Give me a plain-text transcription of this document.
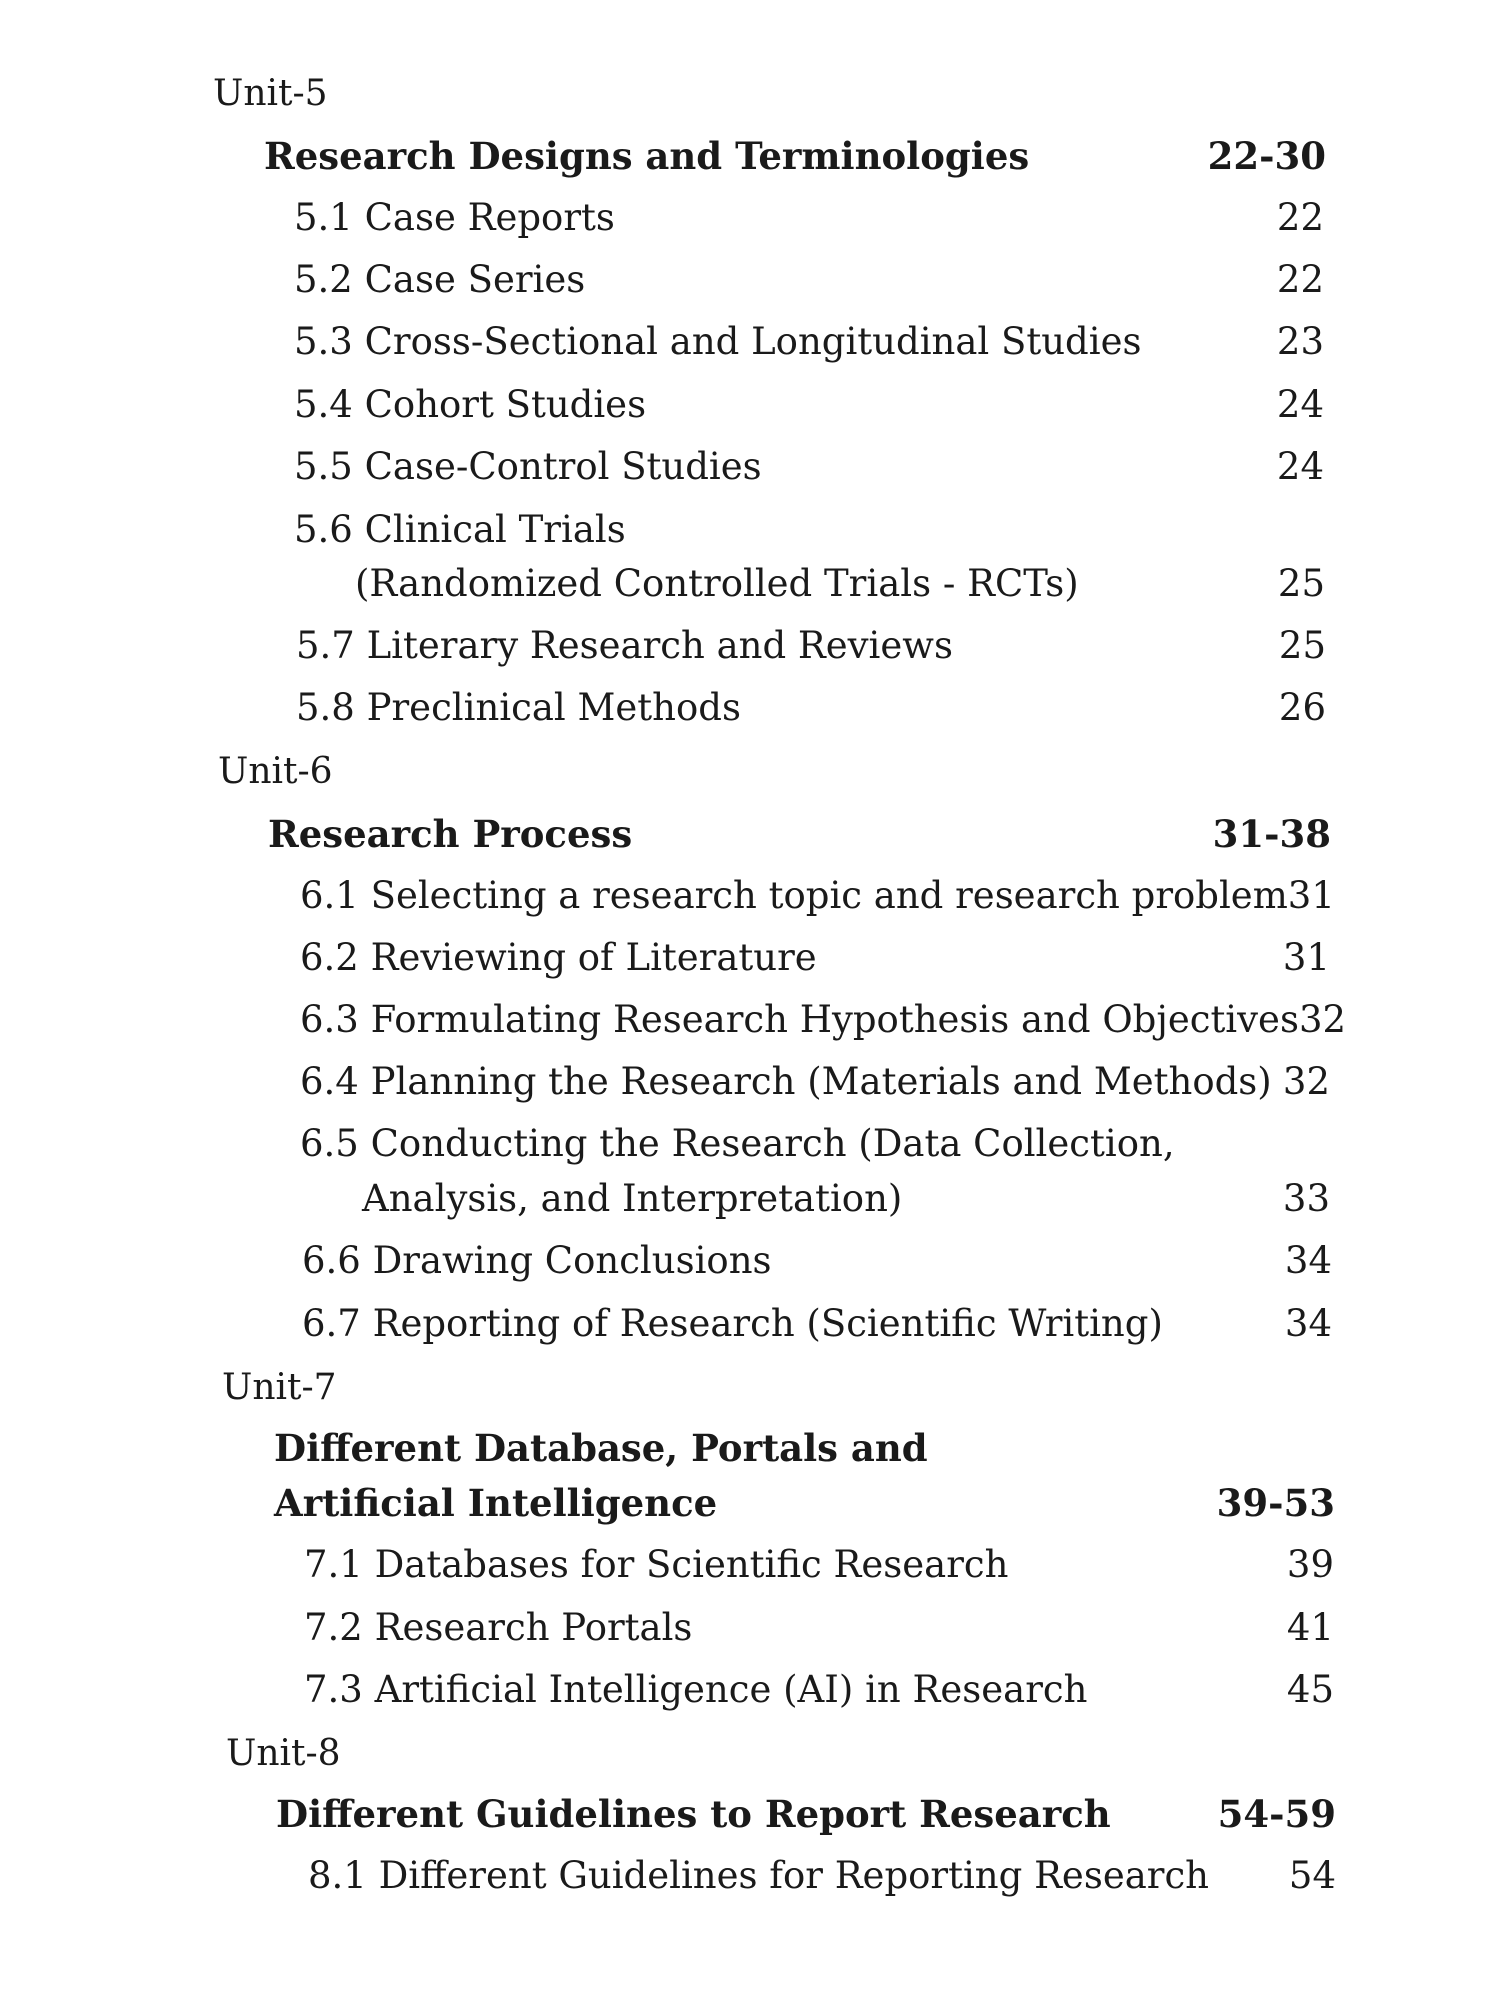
Unit-5
Research Designs and Terminologies	22-30
5.1 Case Reports	22
5.2 Case Series	22
5.3 Cross-Sectional and Longitudinal Studies	23
5.4 Cohort Studies	24
5.5 Case-Control Studies	24
5.6 Clinical Trials
(Randomized Controlled Trials - RCTs)	25
5.7 Literary Research and Reviews	25
5.8 Preclinical Methods	26
Unit-6
Research Process	31-38
6.1 Selecting a research topic and research problem 31
6.2 Reviewing of Literature	31
6.3 Formulating Research Hypothesis and Objectives 32
6.4 Planning the Research (Materials and Methods) 32
6.5 Conducting the Research (Data Collection,
Analysis, and Interpretation)	33
6.6 Drawing Conclusions	34
6.7 Reporting of Research (Scientific Writing)	34
Unit-7
Different Database, Portals and
Artificial Intelligence	39-53
7.1 Databases for Scientific Research	39
7.2 Research Portals	41
7.3 Artificial Intelligence (AI) in Research	45
Unit-8
Different Guidelines to Report Research	54-59
8.1 Different Guidelines for Reporting Research 54
